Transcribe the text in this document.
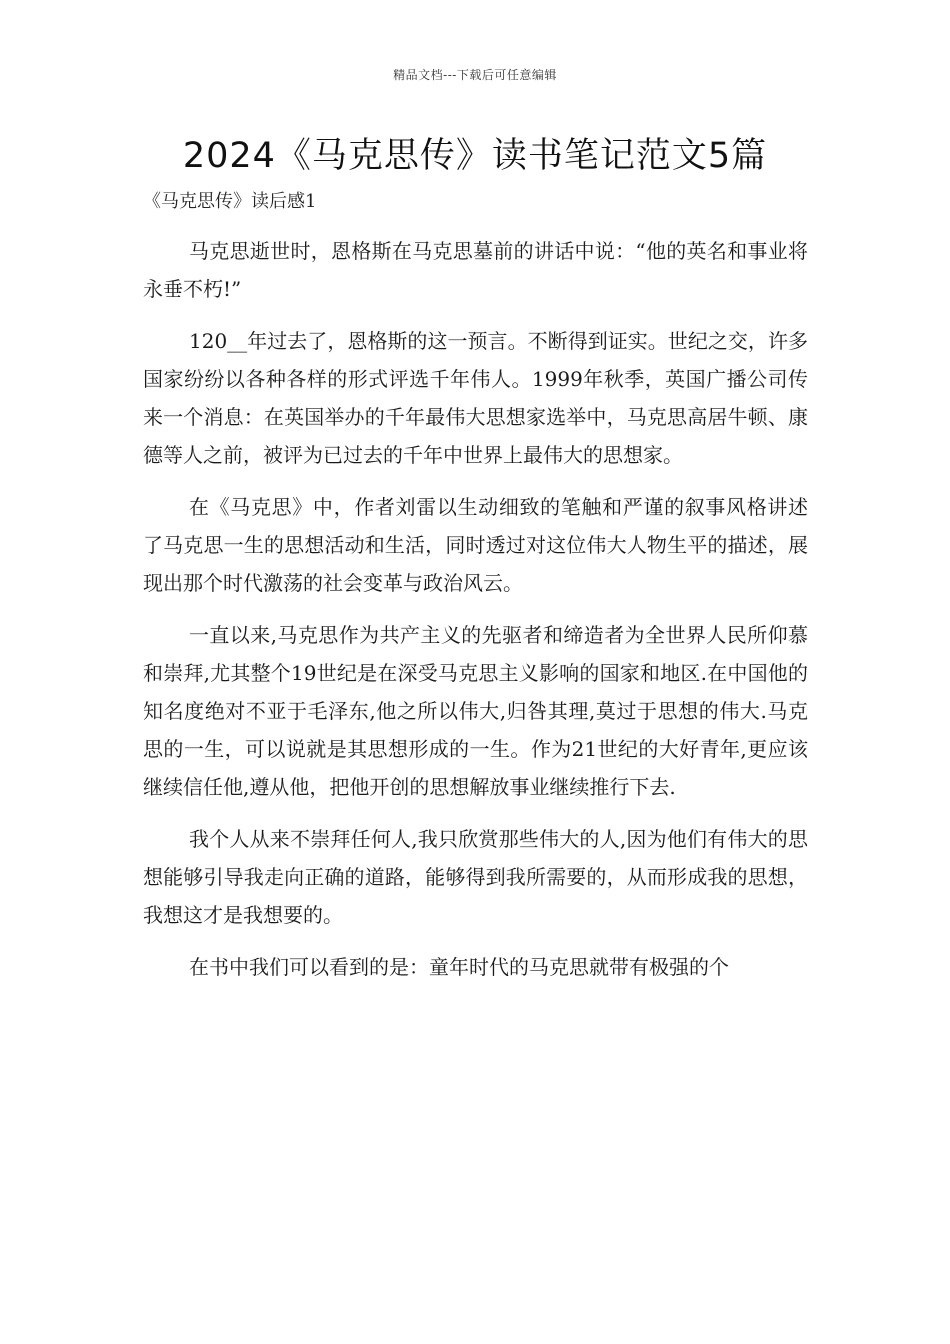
精品文档---下载后可任意编辑
2024《马克思传》读书笔记范文5篇
《马克思传》读后感1

马克思逝世时，恩格斯在马克思墓前的讲话中说：“他的英名和事业将永垂不朽!”

120__年过去了，恩格斯的这一预言。不断得到证实。世纪之交，许多国家纷纷以各种各样的形式评选千年伟人。1999年秋季，英国广播公司传来一个消息：在英国举办的千年最伟大思想家选举中，马克思高居牛顿、康德等人之前，被评为已过去的千年中世界上最伟大的思想家。

在《马克思》中，作者刘雷以生动细致的笔触和严谨的叙事风格讲述了马克思一生的思想活动和生活，同时透过对这位伟大人物生平的描述，展现出那个时代激荡的社会变革与政治风云。

一直以来,马克思作为共产主义的先驱者和缔造者为全世界人民所仰慕和崇拜,尤其整个19世纪是在深受马克思主义影响的国家和地区.在中国他的知名度绝对不亚于毛泽东,他之所以伟大,归咎其理,莫过于思想的伟大.马克思的一生，可以说就是其思想形成的一生。作为21世纪的大好青年,更应该继续信任他,遵从他，把他开创的思想解放事业继续推行下去.

我个人从来不崇拜任何人,我只欣赏那些伟大的人,因为他们有伟大的思想能够引导我走向正确的道路，能够得到我所需要的，从而形成我的思想，我想这才是我想要的。

在书中我们可以看到的是：童年时代的马克思就带有极强的个
